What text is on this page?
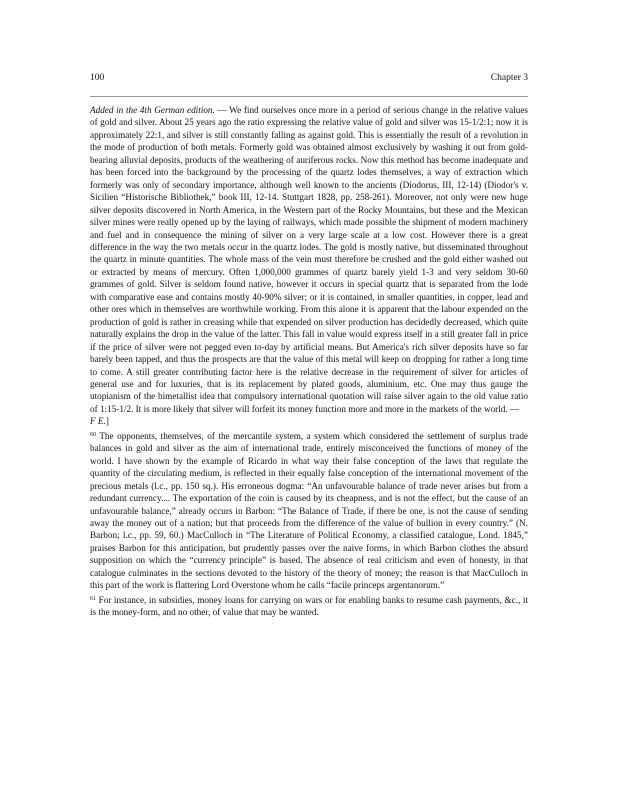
100	Chapter 3

Added in the 4th German edition. — We find ourselves once more in a period of serious change in the relative values of gold and silver. About 25 years ago the ratio expressing the relative value of gold and silver was 15-1/2:1; now it is approximately 22:1, and silver is still constantly falling as against gold. This is essentially the result of a revolution in the mode of production of both metals. Formerly gold was obtained almost exclusively by washing it out from gold-bearing alluvial deposits, products of the weathering of auriferous rocks. Now this method has become inadequate and has been forced into the background by the processing of the quartz lodes themselves, a way of extraction which formerly was only of secondary importance, although well known to the ancients (Diodorus, III, 12-14) (Diodor's v. Sicilien “Historische Bibliothek,” book III, 12-14. Stuttgart 1828, pp. 258-261). Moreover, not only were new huge silver deposits discovered in North America, in the Western part of the Rocky Mountains, but these and the Mexican silver mines were really opened up by the laying of railways, which made possible the shipment of modern machinery and fuel and in consequence the mining of silver on a very large scale at a low cost. However there is a great difference in the way the two metals occur in the quartz lodes. The gold is mostly native, but disseminated throughout the quartz in minute quantities. The whole mass of the vein must therefore be crushed and the gold either washed out or extracted by means of mercury. Often 1,000,000 grammes of quartz barely yield 1-3 and very seldom 30-60 grammes of gold. Silver is seldom found native, however it occurs in special quartz that is separated from the lode with comparative ease and contains mostly 40-90% silver; or it is contained, in smaller quantities, in copper, lead and other ores which in themselves are worthwhile working. From this alone it is apparent that the labour expended on the production of gold is rather in creasing while that expended on silver production has decidedly decreased, which quite naturally explains the drop in the value of the latter. This fall in value would express itself in a still greater fall in price if the price of silver were not pegged even to-day by artificial means. But America's rich silver deposits have so far barely been tapped, and thus the prospects are that the value of this metal will keep on dropping for rather a long time to come. A still greater contributing factor here is the relative decrease in the requirement of silver for articles of general use and for luxuries, that is its replacement by plated goods, aluminium, etc. One may thus gauge the utopianism of the bimetallist idea that compulsory international quotation will raise silver again to the old value ratio of 1:15-1/2. It is more likely that silver will forfeit its money function more and more in the markets of the world. —
F E.]

$^{60}$ The opponents, themselves, of the mercantile system, a system which considered the settlement of surplus trade balances in gold and silver as the aim of international trade, entirely misconceived the functions of money of the world. I have shown by the example of Ricardo in what way their false conception of the laws that regulate the quantity of the circulating medium, is reflected in their equally false conception of the international movement of the precious metals (l.c., pp. 150 sq.). His erroneous dogma: “An unfavourable balance of trade never arises but from a redundant currency.... The exportation of the coin is caused by its cheapness, and is not the effect, but the cause of an unfavourable balance,” already occurs in Barbon: “The Balance of Trade, if there be one, is not the cause of sending away the money out of a nation; but that proceeds from the difference of the value of bullion in every country.” (N. Barbon; l.c., pp. 59, 60.) MacCulloch in “The Literature of Political Economy, a classified catalogue, Lond. 1845,” praises Barbon for this anticipation, but prudently passes over the naive forms, in which Barbon clothes the absurd supposition on which the “currency principle” is based. The absence of real criticism and even of honesty, in that catalogue culminates in the sections devoted to the history of the theory of money; the reason is that MacCulloch in this part of the work is flattering Lord Overstone whom he calls “facile princeps argentanorum.”

$^{61}$ For instance, in subsidies, money loans for carrying on wars or for enabling banks to resume cash payments, &c., it is the money-form, and no other, of value that may be wanted.
